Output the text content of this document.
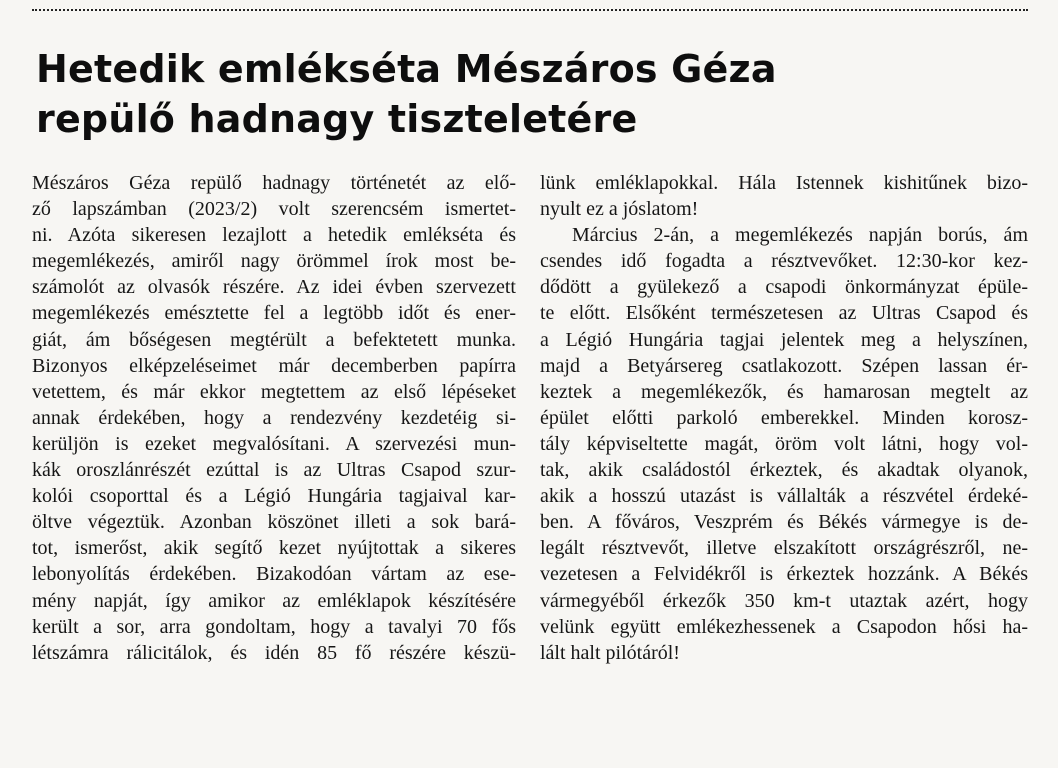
Hetedik emlékséta Mészáros Géza
repülő hadnagy tiszteletére
Mészáros Géza repülő hadnagy történetét az elő-
ző lapszámban (2023/2) volt szerencsém ismertet-
ni. Azóta sikeresen lezajlott a hetedik emlékséta és
megemlékezés, amiről nagy örömmel írok most be-
számolót az olvasók részére. Az idei évben szervezett
megemlékezés emésztette fel a legtöbb időt és ener-
giát, ám bőségesen megtérült a befektetett munka.
Bizonyos elképzeléseimet már decemberben papírra
vetettem, és már ekkor megtettem az első lépéseket
annak érdekében, hogy a rendezvény kezdetéig si-
kerüljön is ezeket megvalósítani. A szervezési mun-
kák oroszlánrészét ezúttal is az Ultras Csapod szur-
kolói csoporttal és a Légió Hungária tagjaival kar-
öltve végeztük. Azonban köszönet illeti a sok bará-
tot, ismerőst, akik segítő kezet nyújtottak a sikeres
lebonyolítás érdekében. Bizakodóan vártam az ese-
mény napját, így amikor az emléklapok készítésére
került a sor, arra gondoltam, hogy a tavalyi 70 fős
létszámra rálicitálok, és idén 85 fő részére készü-
lünk emléklapokkal. Hála Istennek kishitűnek bizo-
nyult ez a jóslatom!
Március 2-án, a megemlékezés napján borús, ám
csendes idő fogadta a résztvevőket. 12:30-kor kez-
dődött a gyülekező a csapodi önkormányzat épüle-
te előtt. Elsőként természetesen az Ultras Csapod és
a Légió Hungária tagjai jelentek meg a helyszínen,
majd a Betyársereg csatlakozott. Szépen lassan ér-
keztek a megemlékezők, és hamarosan megtelt az
épület előtti parkoló emberekkel. Minden korosz-
tály képviseltette magát, öröm volt látni, hogy vol-
tak, akik családostól érkeztek, és akadtak olyanok,
akik a hosszú utazást is vállalták a részvétel érdeké-
ben. A főváros, Veszprém és Békés vármegye is de-
legált résztvevőt, illetve elszakított országrészről, ne-
vezetesen a Felvidékről is érkeztek hozzánk. A Békés
vármegyéből érkezők 350 km-t utaztak azért, hogy
velünk együtt emlékezhessenek a Csapodon hősi ha-
lált halt pilótáról!
